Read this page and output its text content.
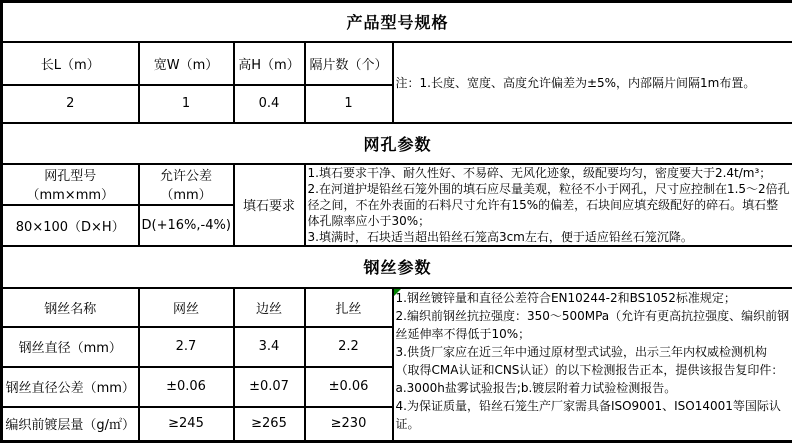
产品型号规格				
长L（m）	宽W（m）	高H（m）	隔片数（个）	注：1.长度、宽度、高度允许偏差为±5%，内部隔片间隔1m布置。
2	1	0.4	1	
网孔参数				
网孔型号（mm×mm）	允许公差（mm）	填石要求	1.填石要求干净、耐久性好、不易碎、无风化迹象，级配要均匀，密度要大于2.4t/m³；
2.在河道护堤铅丝石笼外围的填石应尽量美观，粒径不小于网孔，尺寸应控制在1.5～2倍孔径之间，不在外表面的石料尺寸允许有15%的偏差，石块间应填充级配好的碎石。填石整体孔隙率应小于30%；
3.填满时，石块适当超出铅丝石笼高3cm左右，便于适应铅丝石笼沉降。	

80×100（D×H）	D(+16%,-4%)			
钢丝参数				
钢丝名称	网丝	边丝	扎丝	1.钢丝镀锌量和直径公差符合EN10244-2和BS1052标准规定；
2.编织前钢丝抗拉强度：350～500MPa（允许有更高抗拉强度、编织前钢丝延伸率不得低于10%；
3.供货厂家应在近三年中通过原材型式试验，出示三年内权威检测机构（取得CMA认证和CNS认证）的以下检测报告正本，提供该报告复印件：
a.3000h盐雾试验报告;b.镀层附着力试验检测报告。
4.为保证质量，铅丝石笼生产厂家需具备ISO9001、ISO14001等国际认证。

钢丝直径（mm）	2.7	3.4	2.2	
钢丝直径公差（mm）	±0.06	±0.07	±0.06	
编织前镀层量（g/㎡）	≥245	≥265	≥230	
